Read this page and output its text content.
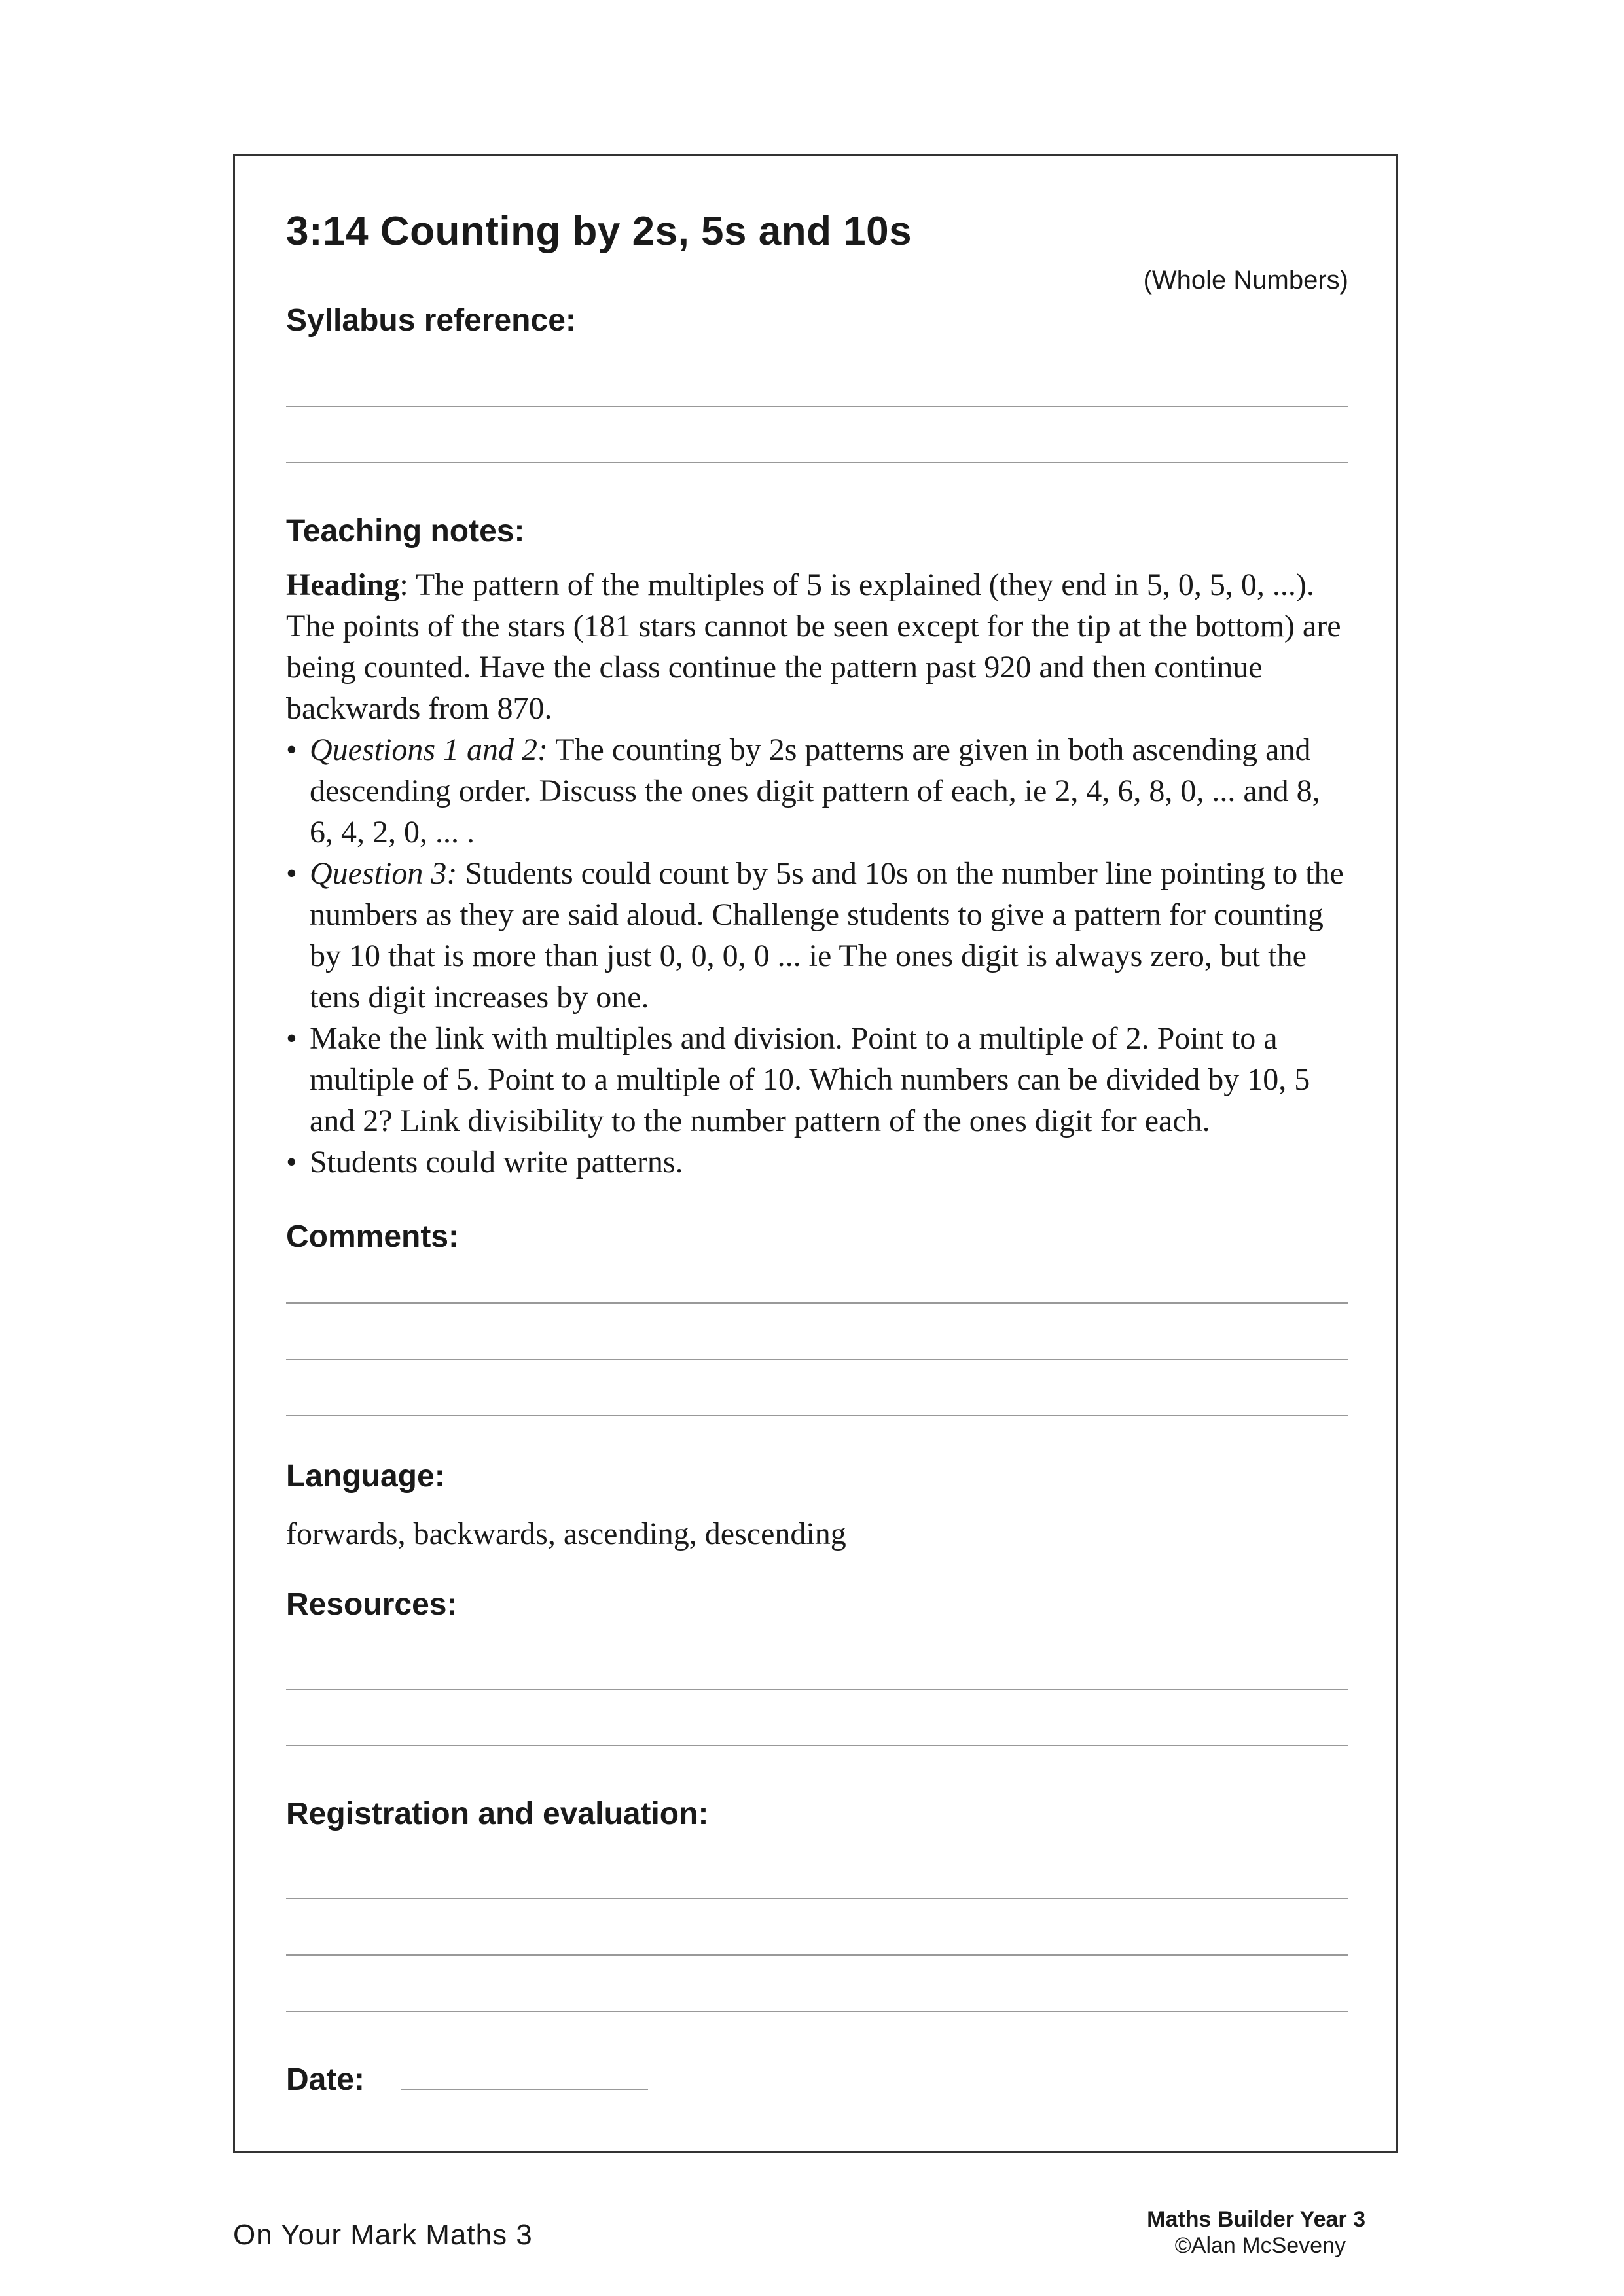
3:14 Counting by 2s, 5s and 10s
(Whole Numbers)
Syllabus reference:
Teaching notes:

Heading: The pattern of the multiples of 5 is explained (they end in 5, 0, 5, 0, ...). The points of the stars (181 stars cannot be seen except for the tip at the bottom) are being counted. Have the class continue the pattern past 920 and then continue backwards from 870.

• Questions 1 and 2: The counting by 2s patterns are given in both ascending and descending order. Discuss the ones digit pattern of each, ie 2, 4, 6, 8, 0, ... and 8, 6, 4, 2, 0, ... .
• Question 3: Students could count by 5s and 10s on the number line pointing to the numbers as they are said aloud. Challenge students to give a pattern for counting by 10 that is more than just 0, 0, 0, 0 ... ie The ones digit is always zero, but the tens digit increases by one.
• Make the link with multiples and division. Point to a multiple of 2. Point to a multiple of 5. Point to a multiple of 10. Which numbers can be divided by 10, 5 and 2? Link divisibility to the number pattern of the ones digit for each.
• Students could write patterns.
Comments:
Language:
forwards, backwards, ascending, descending
Resources:
Registration and evaluation:
Date:
On Your Mark Maths 3	Maths Builder Year 3
©Alan McSeveny
